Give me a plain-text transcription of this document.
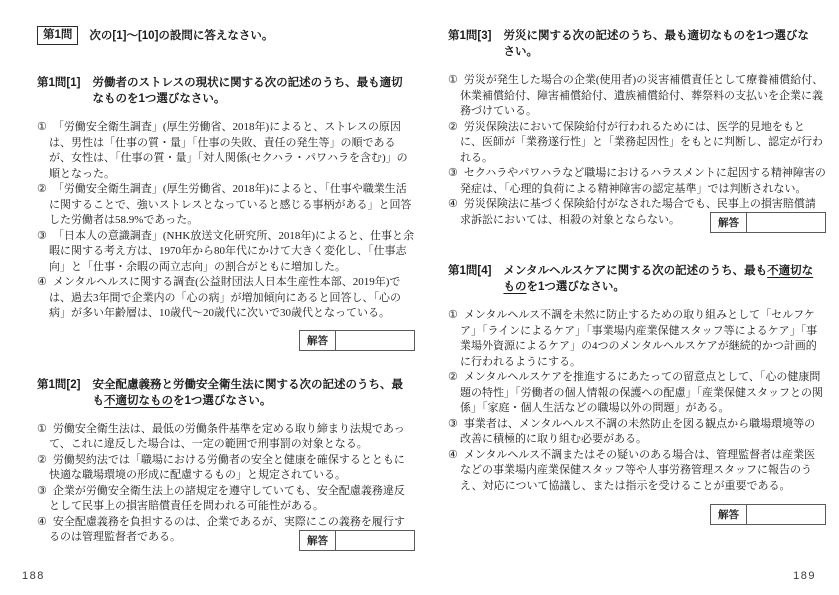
第1問	次の[1]～[10]の設問に答えなさい。
第1問[1] 労働者のストレスの現状に関する次の記述のうち、最も適切なものを1つ選びなさい。
① 「労働安全衛生調査」(厚生労働省、2018年)によると、ストレスの原因は、男性は「仕事の質・量」「仕事の失敗、責任の発生等」の順であるが、女性は、「仕事の質・量」「対人関係(セクハラ・パワハラを含む)」の順となった。
② 「労働安全衛生調査」(厚生労働省、2018年)によると、「仕事や職業生活に関することで、強いストレスとなっていると感じる事柄がある」と回答した労働者は58.9%であった。
③ 「日本人の意識調査」(NHK放送文化研究所、2018年)によると、仕事と余暇に関する考え方は、1970年から80年代にかけて大きく変化し、「仕事志向」と「仕事・余暇の両立志向」の割合がともに増加した。
④ メンタルヘルスに関する調査(公益財団法人日本生産性本部、2019年)では、過去3年間で企業内の「心の病」が増加傾向にあると回答し、「心の病」が多い年齢層は、10歳代～20歳代に次いで30歳代となっている。
解答
第1問[2] 安全配慮義務と労働安全衛生法に関する次の記述のうち、最も不適切なものを1つ選びなさい。
① 労働安全衛生法は、最低の労働条件基準を定める取り締まり法規であって、これに違反した場合は、一定の範囲で刑事罰の対象となる。
② 労働契約法では「職場における労働者の安全と健康を確保するとともに快適な職場環境の形成に配慮するもの」と規定されている。
③ 企業が労働安全衛生法上の諸規定を遵守していても、安全配慮義務違反として民事上の損害賠償責任を問われる可能性がある。
④ 安全配慮義務を負担するのは、企業であるが、実際にこの義務を履行するのは管理監督者である。	解答
188
第1問[3] 労災に関する次の記述のうち、最も適切なものを1つ選びなさい。
① 労災が発生した場合の企業(使用者)の災害補償責任として療養補償給付、休業補償給付、障害補償給付、遺族補償給付、葬祭料の支払いを企業に義務づけている。
② 労災保険法において保険給付が行われるためには、医学的見地をもとに、医師が「業務遂行性」と「業務起因性」をもとに判断し、認定が行われる。
③ セクハラやパワハラなど職場におけるハラスメントに起因する精神障害の発症は、「心理的負荷による精神障害の認定基準」では判断されない。
④ 労災保険法に基づく保険給付がなされた場合でも、民事上の損害賠償請求訴訟においては、相殺の対象とならない。	解答
第1問[4] メンタルヘルスケアに関する次の記述のうち、最も不適切なものを1つ選びなさい。
① メンタルヘルス不調を未然に防止するための取り組みとして「セルフケア」「ラインによるケア」「事業場内産業保健スタッフ等によるケア」「事業場外資源によるケア」の4つのメンタルヘルスケアが継続的かつ計画的に行われるようにする。
② メンタルヘルスケアを推進するにあたっての留意点として、「心の健康問題の特性」「労働者の個人情報の保護への配慮」「産業保健スタッフとの関係」「家庭・個人生活などの職場以外の問題」がある。
③ 事業者は、メンタルヘルス不調の未然防止を図る観点から職場環境等の改善に積極的に取り組む必要がある。
④ メンタルヘルス不調またはその疑いのある場合は、管理監督者は産業医などの事業場内産業保健スタッフ等や人事労務管理スタッフに報告のうえ、対応について協議し、または指示を受けることが重要である。
解答
189
